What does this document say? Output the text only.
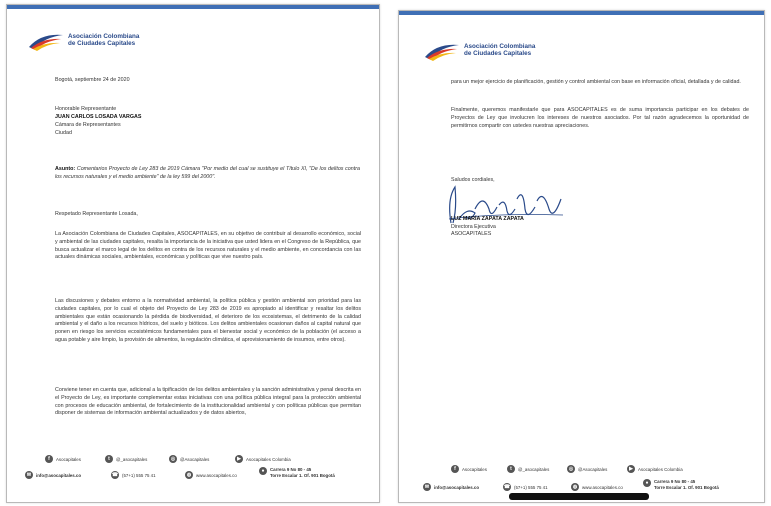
Asociación Colombiana
de Ciudades Capitales
Bogotá, septiembre 24 de 2020
Honorable Representante
JUAN CARLOS LOSADA VARGAS
Cámara de Representantes
Ciudad
Asunto: Comentarios Proyecto de Ley 283 de 2019 Cámara "Por medio del cual se sustituye el Título XI, "De los delitos contra los recursos naturales y el medio ambiente" de la ley 599 del 2000".
Respetado Representante Losada,
La Asociación Colombiana de Ciudades Capitales, ASOCAPITALES, en su objetivo de contribuir al desarrollo económico, social y ambiental de las ciudades capitales, resalta la importancia de la iniciativa que usted lidera en el Congreso de la República, que busca actualizar el marco legal de los delitos en contra de los recursos naturales y el medio ambiente, en concordancia con las actuales dinámicas sociales, ambientales, económicas y políticas que vive nuestro país.
Las discusiones y debates entorno a la normatividad ambiental, la política pública y gestión ambiental son prioridad para las ciudades capitales, por lo cual el objeto del Proyecto de Ley 283 de 2019 es apropiado al identificar y resaltar los delitos ambientales que están ocasionando la pérdida de biodiversidad, el deterioro de los ecosistemas, el detrimento de la calidad ambiental y el daño a los recursos hídricos, del suelo y bióticos. Los delitos ambientales ocasionan daños al capital natural que ponen en riesgo los servicios ecosistémicos fundamentales para el bienestar social y económico de la población (el acceso a agua potable y aire limpio, la provisión de alimentos, la regulación climática, el aprovisionamiento de insumos, entre otros).
Conviene tener en cuenta que, adicional a la tipificación de los delitos ambientales y la sanción administrativa y penal descrita en el Proyecto de Ley, es importante complementar estas iniciativas con una política pública integral para la protección ambiental con procesos de educación ambiental, de fortalecimiento de la institucionalidad ambiental y con políticas públicas que permitan disponer de sistemas de información ambiental actualizados y de datos abiertos,
f	Asocapitales	t	@_asocapitales	◎	@Asocapitales	▶	Asocapitales Colombia
✉	info@asocapitales.co	☎ (57+1) 555 75 41	◍	www.asocapitales.co
●	Carrera 9 No 80 - 45
Torre Escalar 1. Of. 901 Bogotá
Asociación Colombiana
de Ciudades Capitales
para un mejor ejercicio de planificación, gestión y control ambiental con base en información oficial, detallada y de calidad.
Finalmente, queremos manifestarle que para ASOCAPITALES es de suma importancia participar en los debates de Proyectos de Ley que involucren los intereses de nuestros asociados. Por tal razón agradecemos la oportunidad de permitirnos compartir con ustedes nuestras apreciaciones.
Saludos cordiales,
LUZ MARÍA ZAPATA ZAPATA
Directora Ejecutiva
ASOCAPITALES
f	Asocapitales	t	@_asocapitales	◎	@Asocapitales	▶	Asocapitales Colombia
✉	info@asocapitales.co	☎ (57+1) 555 75 41	◍	www.asocapitales.co
●	Carrera 9 No 80 - 45
Torre Escalar 1. Of. 901 Bogotá
